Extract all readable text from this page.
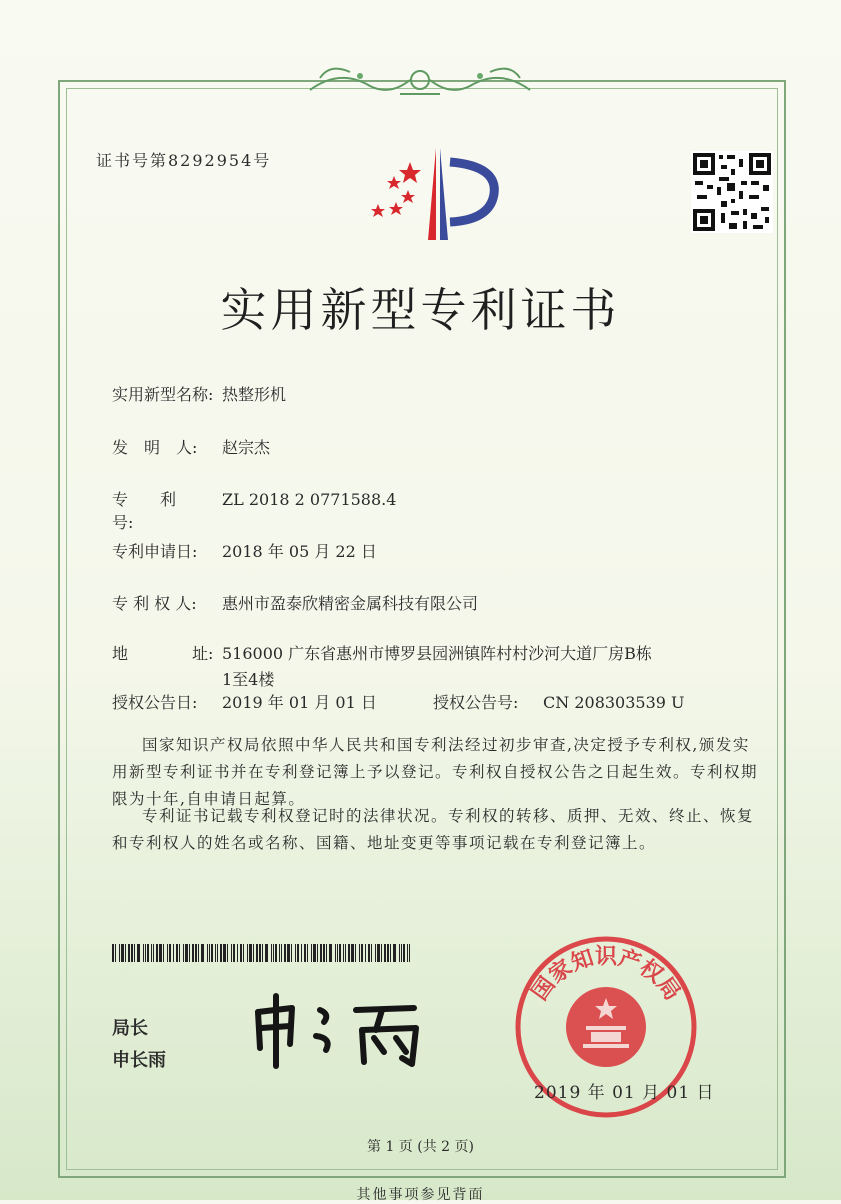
证书号第8292954号
实用新型专利证书
实用新型名称: 热整形机
发　明　人:	赵宗杰
专　　利　　号:
ZL 2018 2 0771588.4
专利申请日:	2018 年 05 月 22 日
专 利 权 人:	惠州市盈泰欣精密金属科技有限公司
地　　　　址: 516000 广东省惠州市博罗县园洲镇阵村村沙河大道厂房B栋1至4楼
授权公告日:	2019 年 01 月 01 日	授权公告号:	CN 208303539 U
国家知识产权局依照中华人民共和国专利法经过初步审查,决定授予专利权,颁发实用新型专利证书并在专利登记簿上予以登记。专利权自授权公告之日起生效。专利权期限为十年,自申请日起算。
专利证书记载专利权登记时的法律状况。专利权的转移、质押、无效、终止、恢复和专利权人的姓名或名称、国籍、地址变更等事项记载在专利登记簿上。
局长
申长雨
国家知识产权局
2019 年 01 月 01 日
第 1 页 (共 2 页)
其他事项参见背面
